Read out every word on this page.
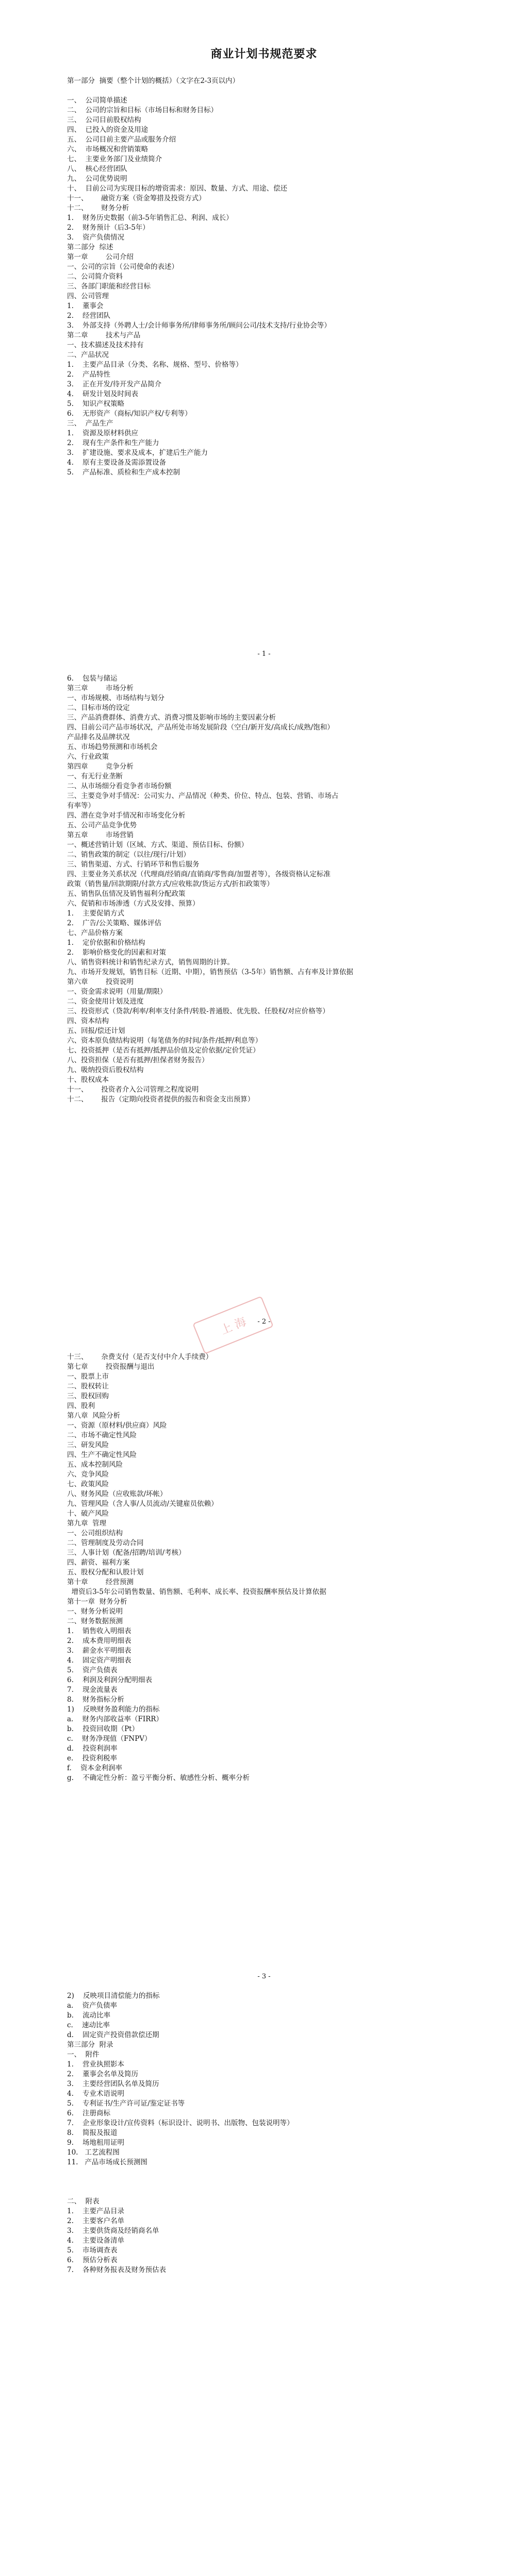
商业计划书规范要求
第一部分  摘要（整个计划的概括）（文字在2-3页以内）
一、  公司简单描述
二、  公司的宗旨和目标（市场目标和财务目标）
三、  公司目前股权结构
四、  已投入的资金及用途
五、  公司目前主要产品或服务介绍
六、  市场概况和营销策略
七、  主要业务部门及业绩简介
八、  核心经营团队
九、  公司优势说明
十、  目前公司为实现目标的增资需求：原因、数量、方式、用途、偿还
十一、      融资方案（资金筹措及投资方式）
十二、      财务分析
1.    财务历史数据（前3-5年销售汇总、利润、成长）
2.    财务预计（后3-5年）
3.    资产负债情况
第二部分  综述
第一章        公司介绍
一、公司的宗旨（公司使命的表述）
二、公司简介资料
三、各部门职能和经营目标
四、公司管理
1.    董事会
2.    经营团队
3.    外部支持（外聘人士/会计师事务所/律师事务所/顾问公司/技术支持/行业协会等）
第二章        技术与产品
一、技术描述及技术持有
二、产品状况
1.    主要产品目录（分类、名称、规格、型号、价格等）
2.    产品特性
3.    正在开发/待开发产品简介
4.    研发计划及时间表
5.    知识产权策略
6.    无形资产（商标/知识产权/专利等）
三、  产品生产
1.    资源及原材料供应
2.    现有生产条件和生产能力
3.    扩建设施、要求及成本，扩建后生产能力
4.    原有主要设备及需添置设备
5.    产品标准、质检和生产成本控制
- 1 -
6.    包装与储运
第三章        市场分析
一、市场规模、市场结构与划分
二、目标市场的设定
三、产品消费群体、消费方式、消费习惯及影响市场的主要因素分析
四、目前公司产品市场状况，产品所处市场发展阶段（空白/新开发/高成长/成熟/饱和）
产品排名及品牌状况
五、市场趋势预测和市场机会
六、行业政策
第四章        竞争分析
一、有无行业垄断
二、从市场细分看竞争者市场份额
三、主要竞争对手情况：公司实力、产品情况（种类、价位、特点、包装、营销、市场占
有率等）
四、潜在竞争对手情况和市场变化分析
五、公司产品竞争优势
第五章        市场营销
一、概述营销计划（区域、方式、渠道、预估目标、份额）
二、销售政策的制定（以往/现行/计划）
三、销售渠道、方式、行销环节和售后服务
四、主要业务关系状况（代理商/经销商/直销商/零售商/加盟者等），各级资格认定标准
政策（销售量/回款期限/付款方式/应收账款/货运方式/折扣政策等）
五、销售队伍情况及销售福利分配政策
六、促销和市场渗透（方式及安排、预算）
1.    主要促销方式
2.    广告/公关策略、媒体评估
七、产品价格方案
1.    定价依据和价格结构
2.    影响价格变化的因素和对策
八、销售资料统计和销售纪录方式，销售周期的计算。
九、市场开发规划，销售目标（近期、中期），销售预估（3-5年）销售额、占有率及计算依据
第六章        投资说明
一、资金需求说明（用量/期限）
二、资金使用计划及进度
三、投资形式（贷款/利率/利率支付条件/转股-普通股、优先股、任股权/对应价格等）
四、资本结构
五、回报/偿还计划
六、资本原负债结构说明（每笔债务的时间/条件/抵押/利息等）
七、投资抵押（是否有抵押/抵押品价值及定价依据/定价凭证）
八、投资担保（是否有抵押/担保者财务报告）
九、吸纳投资后股权结构
十、股权成本
十一、      投资者介入公司管理之程度说明
十二、      报告（定期向投资者提供的报告和资金支出预算）
- 2 -
十三、      杂费支付（是否支付中介人手续费）
第七章        投资报酬与退出
一、股票上市
二、股权转让
三、股权回购
四、股利
第八章  风险分析
一、资源（原材料/供应商）风险
二、市场不确定性风险
三、研发风险
四、生产不确定性风险
五、成本控制风险
六、竞争风险
七、政策风险
八、财务风险（应收账款/坏帐）
九、管理风险（含人事/人员流动/关键雇员依赖）
十、破产风险
第九章  管理
一、公司组织结构
二、管理制度及劳动合同
三、人事计划（配备/招聘/培训/考核）
四、薪资、福利方案
五、股权分配和认股计划
第十章        经营预测
增资后3-5年公司销售数量、销售额、毛利率、成长率、投资报酬率预估及计算依据
第十一章  财务分析
一、财务分析说明
二、财务数据预测
1.    销售收入明细表
2.    成本费用明细表
3.    薪金水平明细表
4.    固定资产明细表
5.    资产负债表
6.    利润及利润分配明细表
7.    现金流量表
8.    财务指标分析
1)    反映财务盈利能力的指标
a.    财务内部收益率（FIRR）
b.    投资回收期（Pt）
c.    财务净现值（FNPV）
d.    投资利润率
e.    投资利税率
f.    资本金利润率
g.    不确定性分析：盈亏平衡分析、敏感性分析、概率分析
- 3 -
上 海
2)    反映项目清偿能力的指标
a.    资产负债率
b.    流动比率
c.    速动比率
d.    固定资产投资借款偿还期
第三部分  附录
一、  附件
1.    营业执照影本
2.    董事会名单及简历
3.    主要经营团队名单及简历
4.    专业术语说明
5.    专利证书/生产许可证/鉴定证书等
6.    注册商标
7.    企业形象设计/宣传资料（标识设计、说明书、出版物、包装说明等）
8.    简报及报道
9.    场地租用证明
10.   工艺流程图
11.   产品市场成长预测图
二、  附表
1.    主要产品目录
2.    主要客户名单
3.    主要供货商及经销商名单
4.    主要设备清单
5.    市场调查表
6.    预估分析表
7.    各种财务报表及财务预估表
